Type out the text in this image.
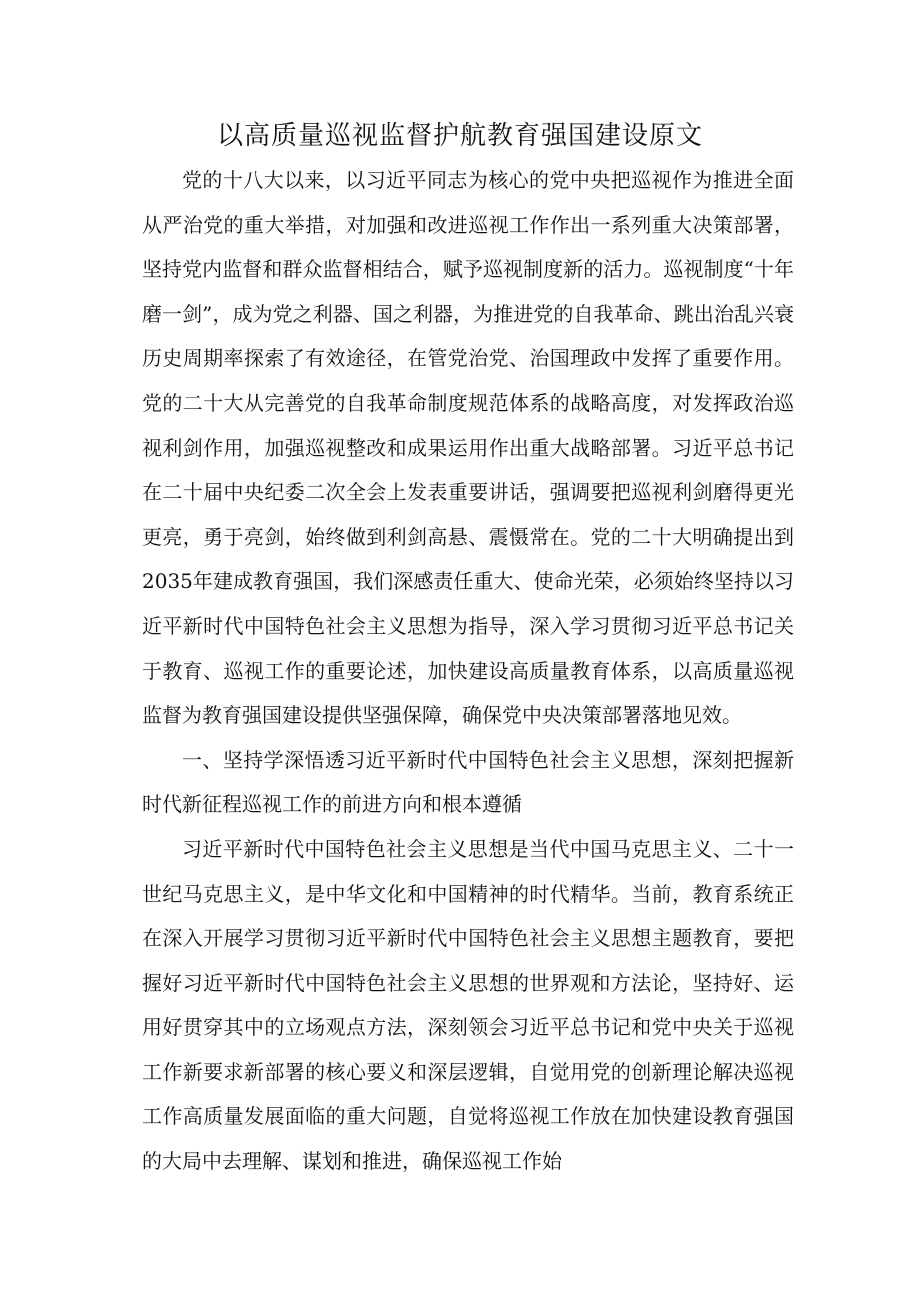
以高质量巡视监督护航教育强国建设原文

党的十八大以来，以习近平同志为核心的党中央把巡视作为推进全面从严治党的重大举措，对加强和改进巡视工作作出一系列重大决策部署，坚持党内监督和群众监督相结合，赋予巡视制度新的活力。巡视制度“十年磨一剑”，成为党之利器、国之利器，为推进党的自我革命、跳出治乱兴衰历史周期率探索了有效途径，在管党治党、治国理政中发挥了重要作用。党的二十大从完善党的自我革命制度规范体系的战略高度，对发挥政治巡视利剑作用，加强巡视整改和成果运用作出重大战略部署。习近平总书记在二十届中央纪委二次全会上发表重要讲话，强调要把巡视利剑磨得更光更亮，勇于亮剑，始终做到利剑高悬、震慑常在。党的二十大明确提出到2035年建成教育强国，我们深感责任重大、使命光荣，必须始终坚持以习近平新时代中国特色社会主义思想为指导，深入学习贯彻习近平总书记关于教育、巡视工作的重要论述，加快建设高质量教育体系，以高质量巡视监督为教育强国建设提供坚强保障，确保党中央决策部署落地见效。

一、坚持学深悟透习近平新时代中国特色社会主义思想，深刻把握新时代新征程巡视工作的前进方向和根本遵循

习近平新时代中国特色社会主义思想是当代中国马克思主义、二十一世纪马克思主义，是中华文化和中国精神的时代精华。当前，教育系统正在深入开展学习贯彻习近平新时代中国特色社会主义思想主题教育，要把握好习近平新时代中国特色社会主义思想的世界观和方法论，坚持好、运用好贯穿其中的立场观点方法，深刻领会习近平总书记和党中央关于巡视工作新要求新部署的核心要义和深层逻辑，自觉用党的创新理论解决巡视工作高质量发展面临的重大问题，自觉将巡视工作放在加快建设教育强国的大局中去理解、谋划和推进，确保巡视工作始
